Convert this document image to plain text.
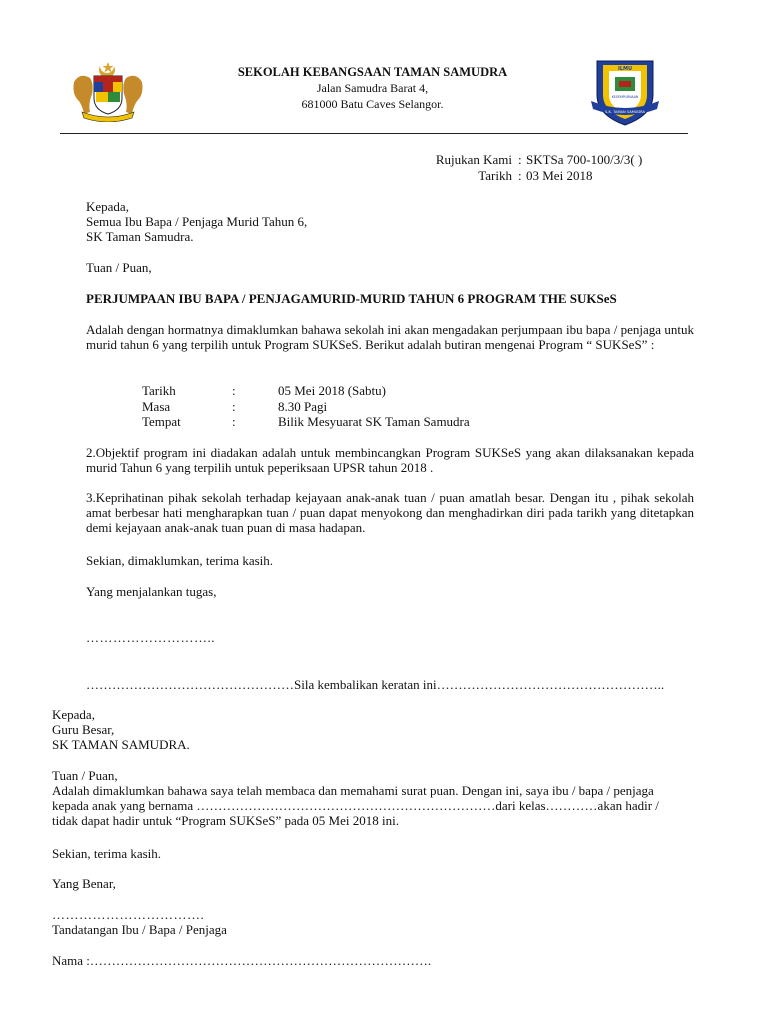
SEKOLAH KEBANGSAAN TAMAN SAMUDRA
Jalan Samudra Barat 4,
681000 Batu Caves Selangor.
ILMU
KESEMPURNAAN
BUDI
S.K. TAMAN SAMUDRA
Rujukan Kami : SKTSa 700-100/3/3( )
Tarikh : 03 Mei 2018
Kepada,
Semua Ibu Bapa / Penjaga Murid Tahun 6,
SK Taman Samudra.
Tuan / Puan,
PERJUMPAAN IBU BAPA / PENJAGAMURID-MURID TAHUN 6 PROGRAM THE SUKSeS
Adalah dengan hormatnya dimaklumkan bahawa sekolah ini akan mengadakan perjumpaan ibu bapa / penjaga untuk murid tahun 6 yang terpilih untuk Program SUKSeS. Berikut adalah butiran mengenai Program “ SUKSeS” :
Tarikh	:	05 Mei 2018 (Sabtu)
Masa	:	8.30 Pagi
Tempat	:	Bilik Mesyuarat SK Taman Samudra
2.Objektif program ini diadakan adalah untuk membincangkan Program SUKSeS yang akan dilaksanakan kepada murid Tahun 6 yang terpilih untuk peperiksaan UPSR tahun 2018 .
3.Keprihatinan pihak sekolah terhadap kejayaan anak-anak tuan / puan amatlah besar. Dengan itu , pihak sekolah amat berbesar hati mengharapkan tuan / puan dapat menyokong dan menghadirkan diri pada tarikh yang ditetapkan demi kejayaan anak-anak tuan puan di masa hadapan.
Sekian, dimaklumkan, terima kasih.
Yang menjalankan tugas,
………………………..
…………………………………………Sila kembalikan keratan ini……………………………………………..
Kepada,
Guru Besar,
SK TAMAN SAMUDRA.
Tuan / Puan,
Adalah dimaklumkan bahawa saya telah membaca dan memahami surat puan. Dengan ini, saya ibu / bapa / penjaga
kepada anak yang bernama ……………………………………………………………dari kelas…………akan hadir /
tidak dapat hadir untuk “Program SUKSeS” pada 05 Mei 2018 ini.
Sekian, terima kasih.
Yang Benar,
…………………………….
Tandatangan Ibu / Bapa / Penjaga
Nama :…………………………………………………………………….
